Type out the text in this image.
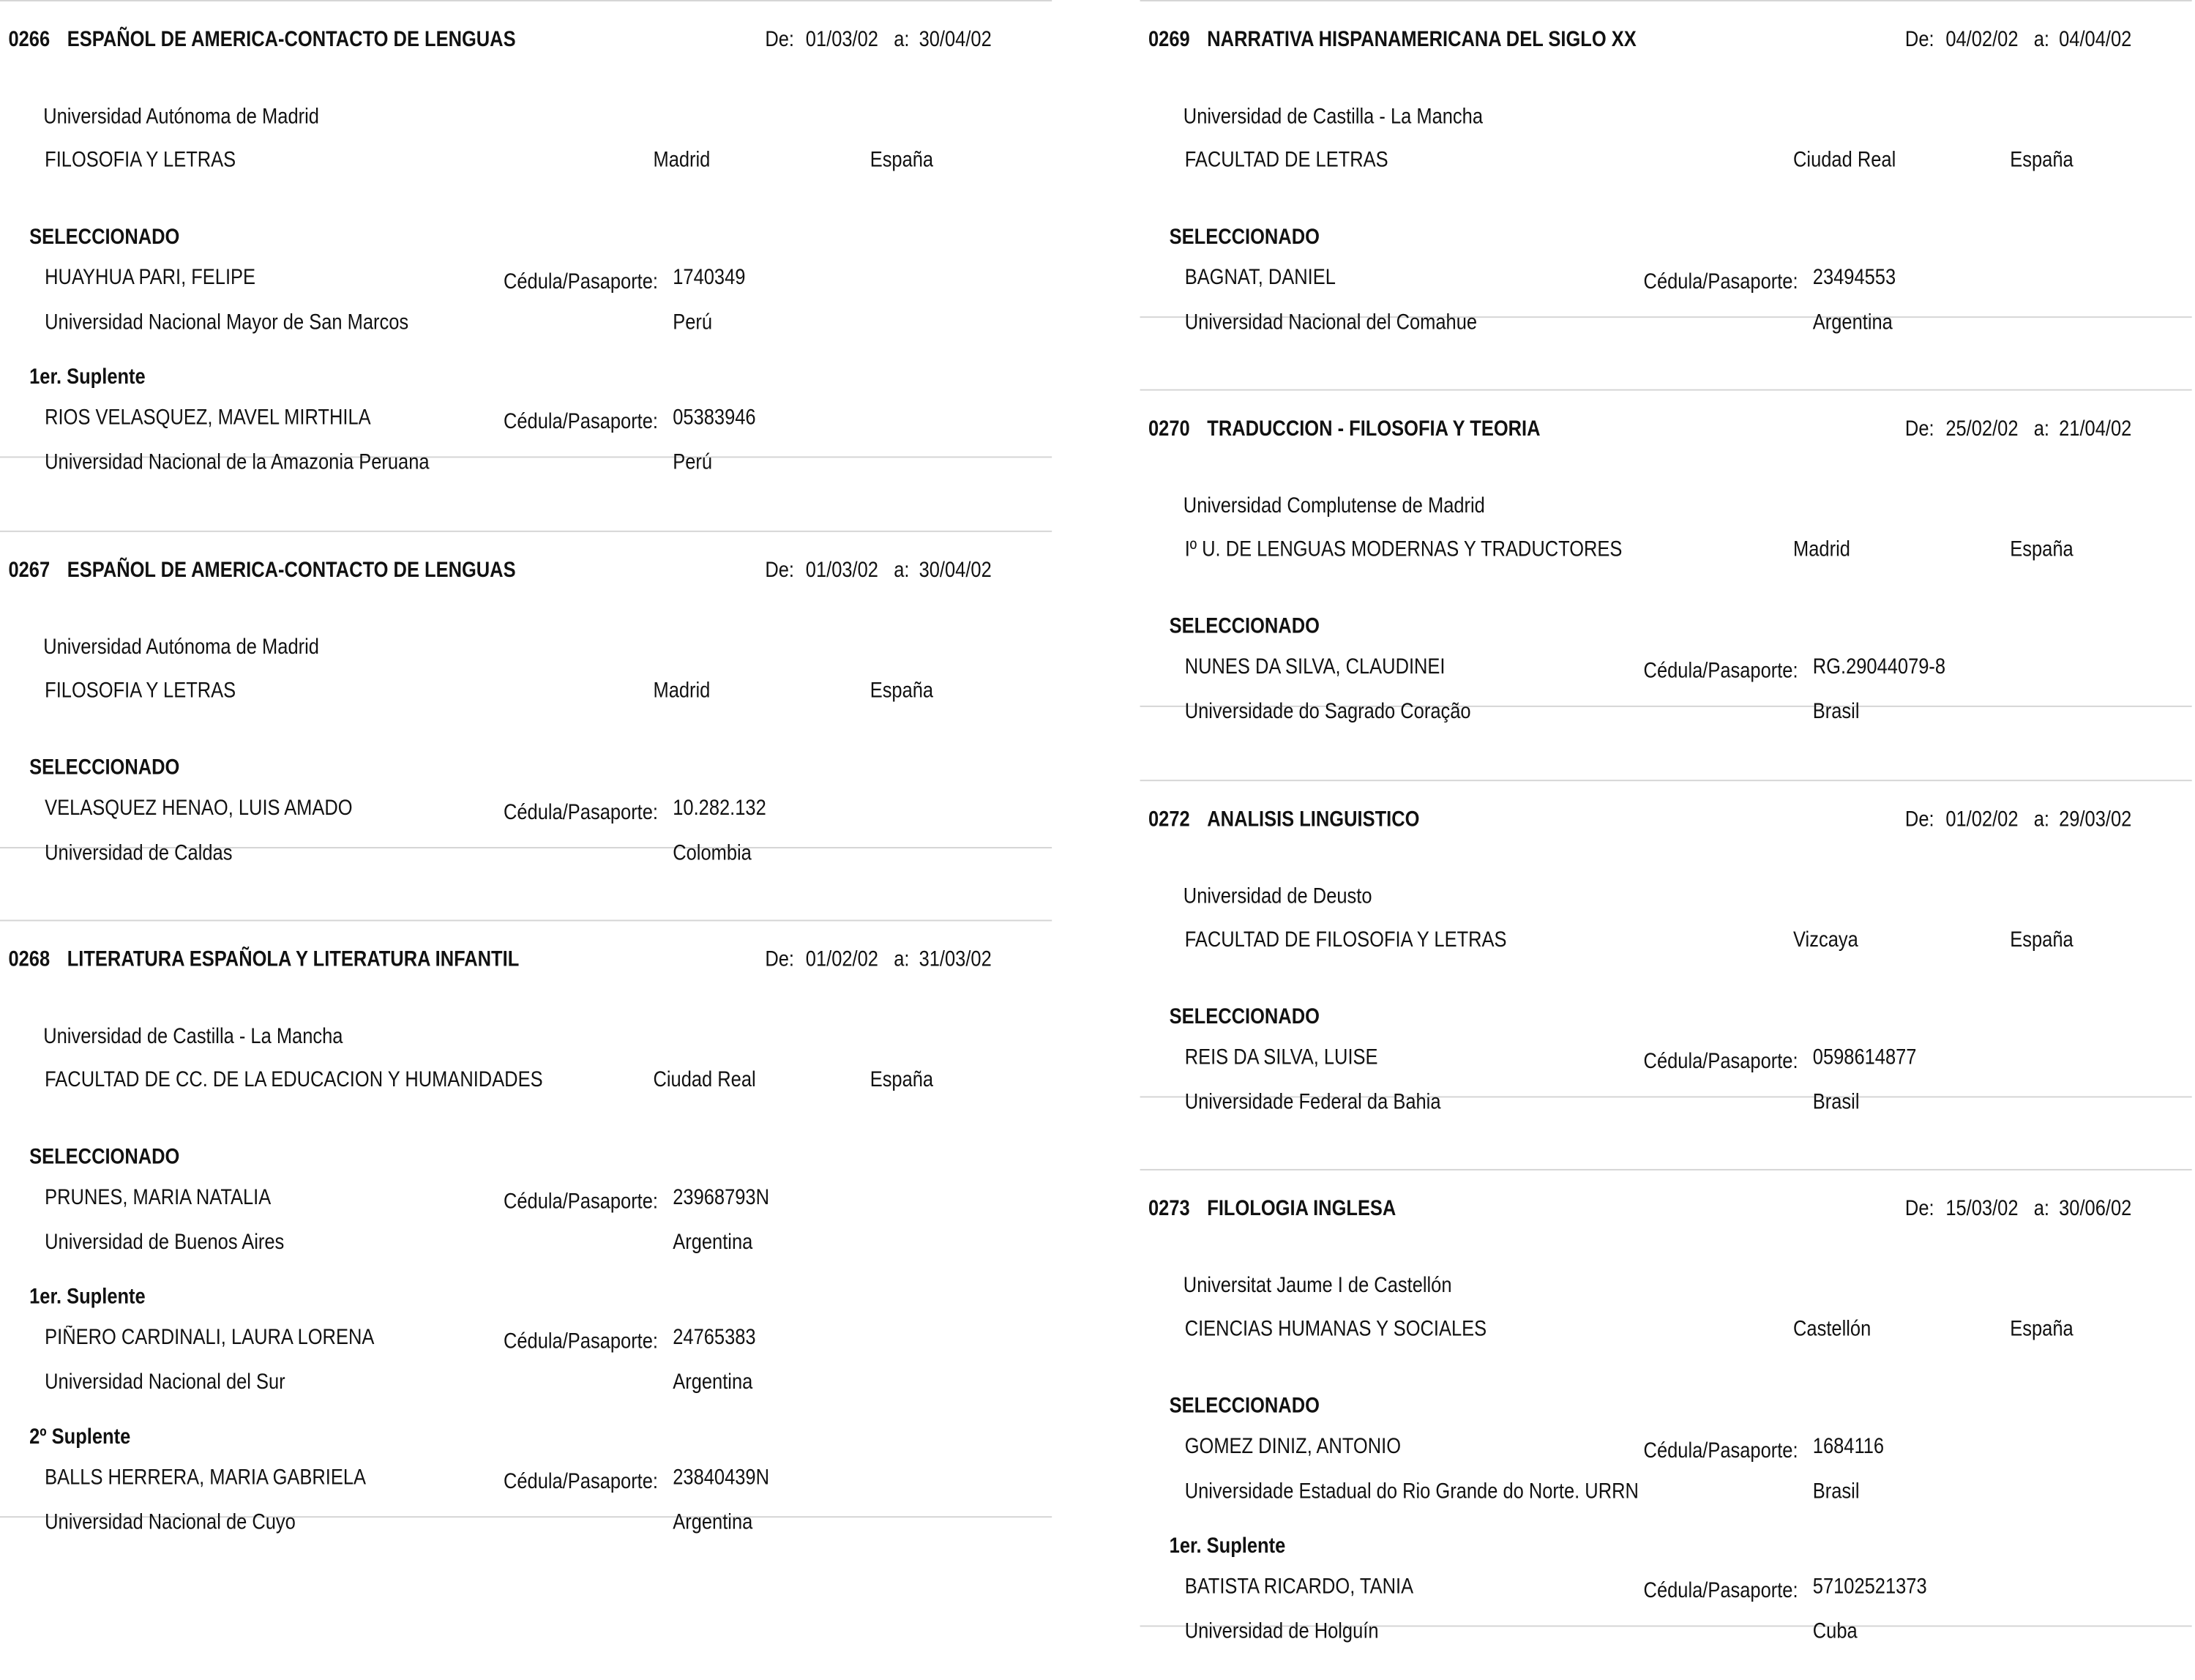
0266 ESPAÑOL DE AMERICA-CONTACTO DE LENGUAS	De: 01/03/02 a: 30/04/02
Universidad Autónoma de Madrid
FILOSOFIA Y LETRAS	Madrid	España
SELECCIONADO
HUAYHUA PARI, FELIPE	Cédula/Pasaporte: 1740349
Universidad Nacional Mayor de San Marcos	Perú
1er. Suplente
RIOS VELASQUEZ, MAVEL MIRTHILA	Cédula/Pasaporte: 05383946
Universidad Nacional de la Amazonia Peruana	Perú
0267 ESPAÑOL DE AMERICA-CONTACTO DE LENGUAS	De: 01/03/02 a: 30/04/02
Universidad Autónoma de Madrid
FILOSOFIA Y LETRAS	Madrid	España
SELECCIONADO
VELASQUEZ HENAO, LUIS AMADO	Cédula/Pasaporte: 10.282.132
Universidad de Caldas	Colombia
0268 LITERATURA ESPAÑOLA Y LITERATURA INFANTIL	De: 01/02/02 a: 31/03/02
Universidad de Castilla - La Mancha
FACULTAD DE CC. DE LA EDUCACION Y HUMANIDADES	Ciudad Real	España
SELECCIONADO
PRUNES, MARIA NATALIA	Cédula/Pasaporte: 23968793N
Universidad de Buenos Aires	Argentina
1er. Suplente
PIÑERO CARDINALI, LAURA LORENA	Cédula/Pasaporte: 24765383
Universidad Nacional del Sur	Argentina
2º Suplente
BALLS HERRERA, MARIA GABRIELA	Cédula/Pasaporte: 23840439N
Universidad Nacional de Cuyo	Argentina
0269 NARRATIVA HISPANAMERICANA DEL SIGLO XX	De: 04/02/02 a: 04/04/02
Universidad de Castilla - La Mancha
FACULTAD DE LETRAS	Ciudad Real	España
SELECCIONADO
BAGNAT, DANIEL	Cédula/Pasaporte: 23494553
Universidad Nacional del Comahue	Argentina
0270 TRADUCCION - FILOSOFIA Y TEORIA	De: 25/02/02 a: 21/04/02
Universidad Complutense de Madrid
Iº U. DE LENGUAS MODERNAS Y TRADUCTORES	Madrid	España
SELECCIONADO
NUNES DA SILVA, CLAUDINEI	Cédula/Pasaporte: RG.29044079-8
Universidade do Sagrado Coração	Brasil
0272 ANALISIS LINGUISTICO	De: 01/02/02 a: 29/03/02
Universidad de Deusto
FACULTAD DE FILOSOFIA Y LETRAS	Vizcaya	España
SELECCIONADO
REIS DA SILVA, LUISE	Cédula/Pasaporte: 0598614877
Universidade Federal da Bahia	Brasil
0273 FILOLOGIA INGLESA	De: 15/03/02 a: 30/06/02
Universitat Jaume I de Castellón
CIENCIAS HUMANAS Y SOCIALES	Castellón	España
SELECCIONADO
GOMEZ DINIZ, ANTONIO	Cédula/Pasaporte: 1684116
Universidade Estadual do Rio Grande do Norte. URRN	Brasil
1er. Suplente
BATISTA RICARDO, TANIA	Cédula/Pasaporte: 57102521373
Universidad de Holguín	Cuba
